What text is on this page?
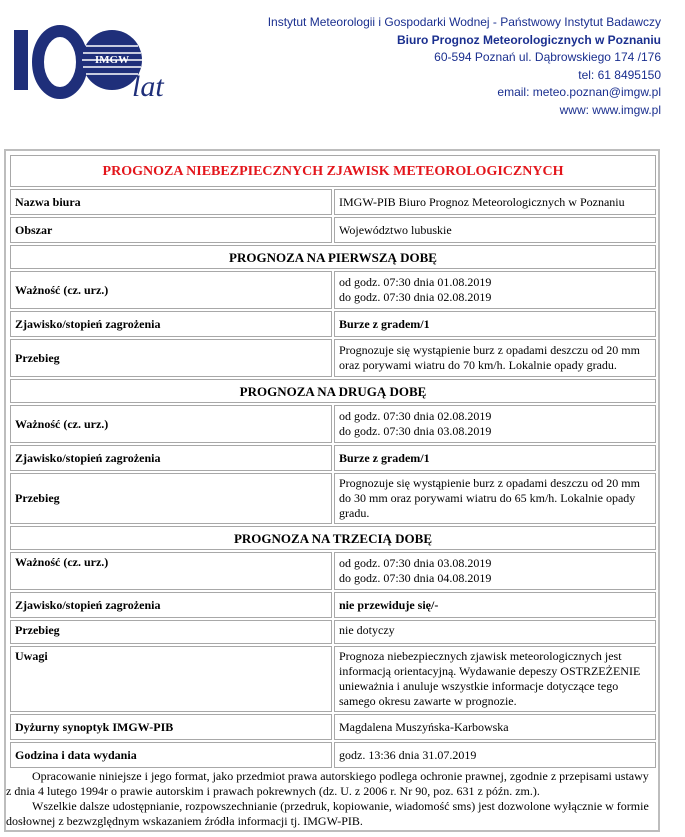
IMGW
lat
Instytut Meteorologii i Gospodarki Wodnej - Państwowy Instytut Badawczy
Biuro Prognoz Meteorologicznych w Poznaniu
60-594 Poznań ul. Dąbrowskiego 174 /176
tel: 61 8495150
email: meteo.poznan@imgw.pl
www: www.imgw.pl
PROGNOZA NIEBEZPIECZNYCH ZJAWISK METEOROLOGICZNYCH	
Nazwa biura	IMGW-PIB Biuro Prognoz Meteorologicznych w Poznaniu
Obszar	Województwo lubuskie
PROGNOZA NA PIERWSZĄ DOBĘ	
Ważność (cz. urz.)	od godz. 07:30 dnia 01.08.2019
do godz. 07:30 dnia 02.08.2019

Zjawisko/stopień zagrożenia	Burze z gradem/1
Przebieg	Prognozuje się wystąpienie burz z opadami deszczu od 20 mm oraz porywami wiatru do 70 km/h. Lokalnie opady gradu.
PROGNOZA NA DRUGĄ DOBĘ	
Ważność (cz. urz.)	od godz. 07:30 dnia 02.08.2019
do godz. 07:30 dnia 03.08.2019

Zjawisko/stopień zagrożenia	Burze z gradem/1
Przebieg	Prognozuje się wystąpienie burz z opadami deszczu od 20 mm do 30 mm oraz porywami wiatru do 65 km/h. Lokalnie opady gradu.
PROGNOZA NA TRZECIĄ DOBĘ	
Ważność (cz. urz.)	od godz. 07:30 dnia 03.08.2019
do godz. 07:30 dnia 04.08.2019

Zjawisko/stopień zagrożenia	nie przewiduje się/-
Przebieg	nie dotyczy
Uwagi	Prognoza niebezpiecznych zjawisk meteorologicznych jest informacją orientacyjną. Wydawanie depeszy OSTRZEŻENIE unieważnia i anuluje wszystkie informacje dotyczące tego samego okresu zawarte w prognozie.
Dyżurny synoptyk IMGW-PIB	Magdalena Muszyńska-Karbowska
Godzina i data wydania	godz. 13:36 dnia 31.07.2019

Opracowanie niniejsze i jego format, jako przedmiot prawa autorskiego podlega ochronie prawnej, zgodnie z przepisami ustawy z dnia 4 lutego 1994r o prawie autorskim i prawach pokrewnych (dz. U. z 2006 r. Nr 90, poz. 631 z późn. zm.).

Wszelkie dalsze udostępnianie, rozpowszechnianie (przedruk, kopiowanie, wiadomość sms) jest dozwolone wyłącznie w formie dosłownej z bezwzględnym wskazaniem źródła informacji tj. IMGW-PIB.
